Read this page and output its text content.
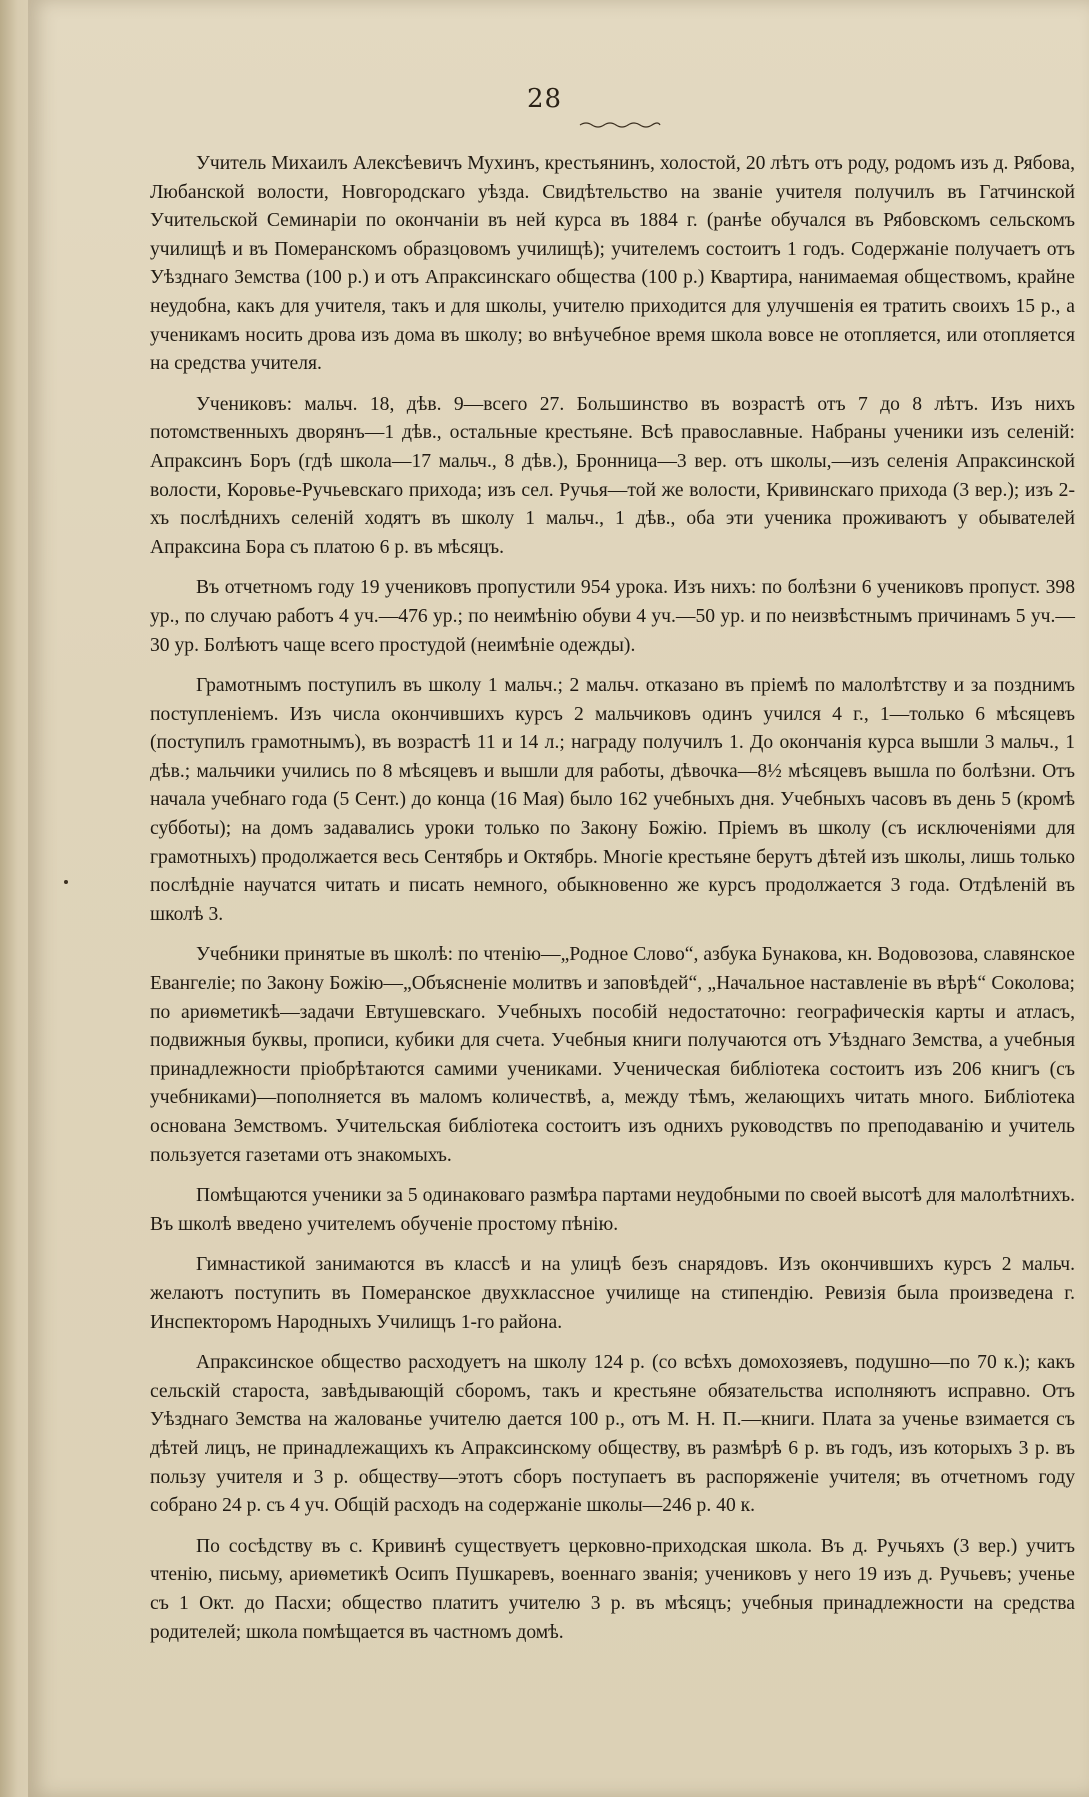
28

Учитель Михаилъ Алексѣевичъ Мухинъ, крестьянинъ, холостой, 20 лѣтъ отъ роду, родомъ изъ д. Рябова, Любанской волости, Новгородскаго уѣзда. Свидѣтельство на званіе учителя получилъ въ Гатчинской Учительской Семинаріи по окончаніи въ ней курса въ 1884 г. (ранѣе обучался въ Рябовскомъ сельскомъ училищѣ и въ Померанскомъ образцовомъ училищѣ); учителемъ состоитъ 1 годъ. Содержаніе получаетъ отъ Уѣзднаго Земства (100 р.) и отъ Апраксинскаго общества (100 р.) Квартира, нанимаемая обществомъ, крайне неудобна, какъ для учителя, такъ и для школы, учителю приходится для улучшенія ея тратить своихъ 15 р., а ученикамъ носить дрова изъ дома въ школу; во внѣучебное время школа вовсе не отопляется, или отопляется на средства учителя.

Учениковъ: мальч. 18, дѣв. 9—всего 27. Большинство въ возрастѣ отъ 7 до 8 лѣтъ. Изъ нихъ потомственныхъ дворянъ—1 дѣв., остальные крестьяне. Всѣ православные. Набраны ученики изъ селеній: Апраксинъ Боръ (гдѣ школа—17 мальч., 8 дѣв.), Бронница—3 вер. отъ школы,—изъ селенія Апраксинской волости, Коровье-Ручьевскаго прихода; изъ сел. Ручья—той же волости, Кривинскаго прихода (3 вер.); изъ 2-хъ послѣднихъ селеній ходятъ въ школу 1 мальч., 1 дѣв., оба эти ученика проживаютъ у обывателей Апраксина Бора съ платою 6 р. въ мѣсяцъ.

Въ отчетномъ году 19 учениковъ пропустили 954 урока. Изъ нихъ: по болѣзни 6 учениковъ пропуст. 398 ур., по случаю работъ 4 уч.—476 ур.; по неимѣнію обуви 4 уч.—50 ур. и по неизвѣстнымъ причинамъ 5 уч.—30 ур. Болѣютъ чаще всего простудой (неимѣніе одежды).

Грамотнымъ поступилъ въ школу 1 мальч.; 2 мальч. отказано въ пріемѣ по малолѣтству и за позднимъ поступленіемъ. Изъ числа окончившихъ курсъ 2 мальчиковъ одинъ учился 4 г., 1—только 6 мѣсяцевъ (поступилъ грамотнымъ), въ возрастѣ 11 и 14 л.; награду получилъ 1. До окончанія курса вышли 3 мальч., 1 дѣв.; мальчики учились по 8 мѣсяцевъ и вышли для работы, дѣвочка—8½ мѣсяцевъ вышла по болѣзни. Отъ начала учебнаго года (5 Сент.) до конца (16 Мая) было 162 учебныхъ дня. Учебныхъ часовъ въ день 5 (кромѣ субботы); на домъ задавались уроки только по Закону Божію. Пріемъ въ школу (съ исключеніями для грамотныхъ) продолжается весь Сентябрь и Октябрь. Многіе крестьяне берутъ дѣтей изъ школы, лишь только послѣдніе научатся читать и писать немного, обыкновенно же курсъ продолжается 3 года. Отдѣленій въ школѣ 3.

Учебники принятые въ школѣ: по чтенію—„Родное Слово“, азбука Бунакова, кн. Водовозова, славянское Евангеліе; по Закону Божію—„Объясненіе молитвъ и заповѣдей“, „Начальное наставленіе въ вѣрѣ“ Соколова; по ариѳметикѣ—задачи Евтушевскаго. Учебныхъ пособій недостаточно: географическія карты и атласъ, подвижныя буквы, прописи, кубики для счета. Учебныя книги получаются отъ Уѣзднаго Земства, а учебныя принадлежности пріобрѣтаются самими учениками. Ученическая библіотека состоитъ изъ 206 книгъ (съ учебниками)—пополняется въ маломъ количествѣ, а, между тѣмъ, желающихъ читать много. Библіотека основана Земствомъ. Учительская библіотека состоитъ изъ однихъ руководствъ по преподаванію и учитель пользуется газетами отъ знакомыхъ.

Помѣщаются ученики за 5 одинаковаго размѣра партами неудобными по своей высотѣ для малолѣтнихъ. Въ школѣ введено учителемъ обученіе простому пѣнію.

Гимнастикой занимаются въ классѣ и на улицѣ безъ снарядовъ. Изъ окончившихъ курсъ 2 мальч. желаютъ поступить въ Померанское двухклассное училище на стипендію. Ревизія была произведена г. Инспекторомъ Народныхъ Училищъ 1-го района.

Апраксинское общество расходуетъ на школу 124 р. (со всѣхъ домохозяевъ, подушно—по 70 к.); какъ сельскій староста, завѣдывающій сборомъ, такъ и крестьяне обязательства исполняютъ исправно. Отъ Уѣзднаго Земства на жалованье учителю дается 100 р., отъ М. Н. П.—книги. Плата за ученье взимается съ дѣтей лицъ, не принадлежащихъ къ Апраксинскому обществу, въ размѣрѣ 6 р. въ годъ, изъ которыхъ 3 р. въ пользу учителя и 3 р. обществу—этотъ сборъ поступаетъ въ распоряженіе учителя; въ отчетномъ году собрано 24 р. съ 4 уч. Общій расходъ на содержаніе школы—246 р. 40 к.

По сосѣдству въ с. Кривинѣ существуетъ церковно-приходская школа. Въ д. Ручьяхъ (3 вер.) учитъ чтенію, письму, ариѳметикѣ Осипъ Пушкаревъ, военнаго званія; учениковъ у него 19 изъ д. Ручьевъ; ученье съ 1 Окт. до Пасхи; общество платитъ учителю 3 р. въ мѣсяцъ; учебныя принадлежности на средства родителей; школа помѣщается въ частномъ домѣ.
